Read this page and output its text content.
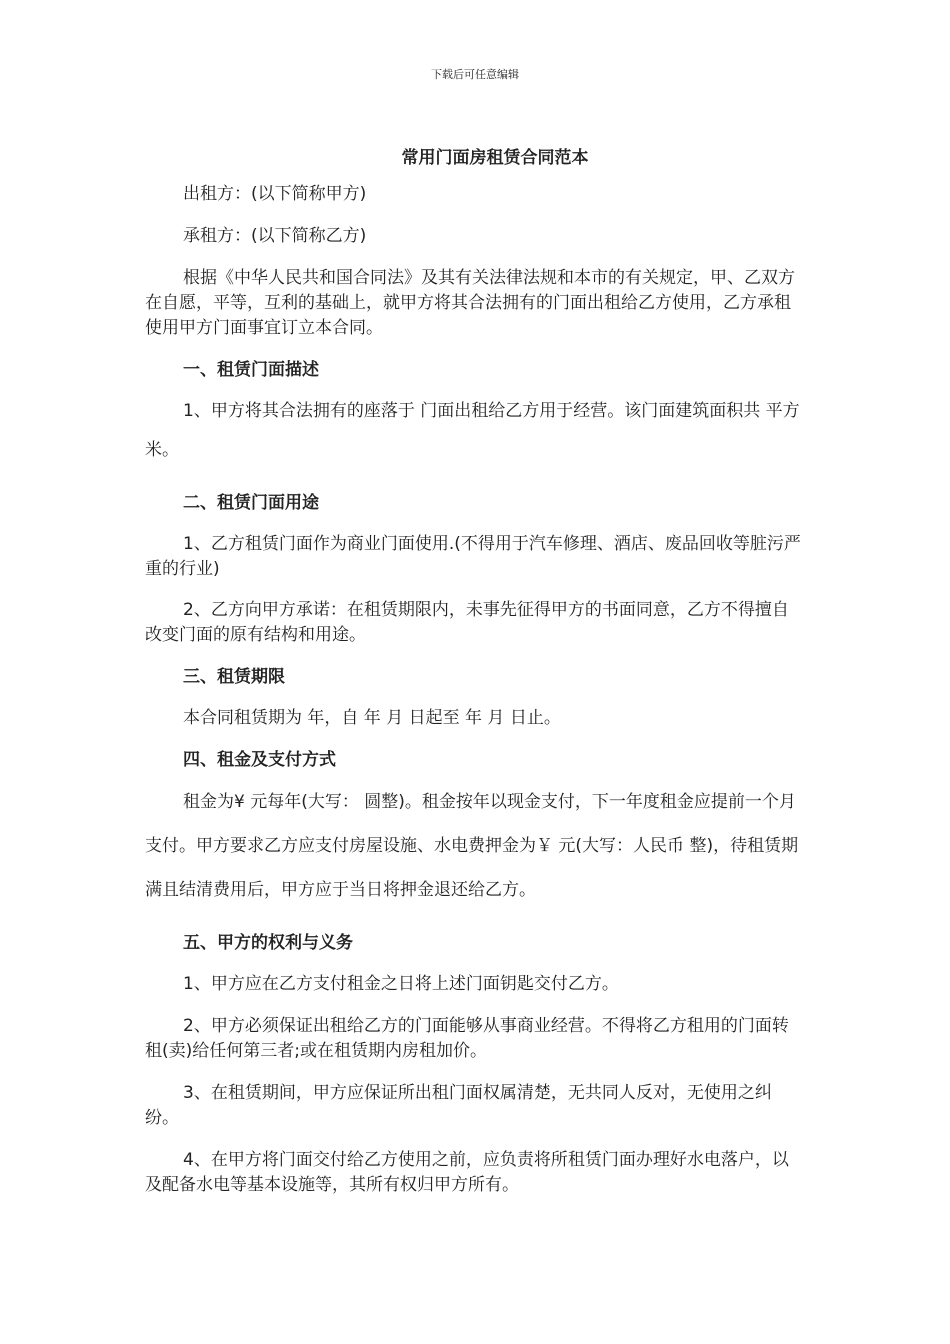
下载后可任意编辑
常用门面房租赁合同范本

出租方：(以下简称甲方)

承租方：(以下简称乙方)

根据《中华人民共和国合同法》及其有关法律法规和本市的有关规定，甲、乙双方在自愿，平等，互利的基础上，就甲方将其合法拥有的门面出租给乙方使用，乙方承租使用甲方门面事宜订立本合同。

一、租赁门面描述

1、甲方将其合法拥有的座落于 门面出租给乙方用于经营。该门面建筑面积共 平方米。

二、租赁门面用途

1、乙方租赁门面作为商业门面使用.(不得用于汽车修理、酒店、废品回收等脏污严重的行业)

2、乙方向甲方承诺：在租赁期限内，未事先征得甲方的书面同意，乙方不得擅自改变门面的原有结构和用途。

三、租赁期限

本合同租赁期为 年，自 年 月 日起至 年 月 日止。

四、租金及支付方式

租金为¥ 元每年(大写： 圆整)。租金按年以现金支付，下一年度租金应提前一个月支付。甲方要求乙方应支付房屋设施、水电费押金为￥ 元(大写：人民币 整)，待租赁期满且结清费用后，甲方应于当日将押金退还给乙方。

五、甲方的权利与义务

1、甲方应在乙方支付租金之日将上述门面钥匙交付乙方。

2、甲方必须保证出租给乙方的门面能够从事商业经营。不得将乙方租用的门面转租(卖)给任何第三者;或在租赁期内房租加价。

3、在租赁期间，甲方应保证所出租门面权属清楚，无共同人反对，无使用之纠纷。

4、在甲方将门面交付给乙方使用之前，应负责将所租赁门面办理好水电落户，以及配备水电等基本设施等，其所有权归甲方所有。
